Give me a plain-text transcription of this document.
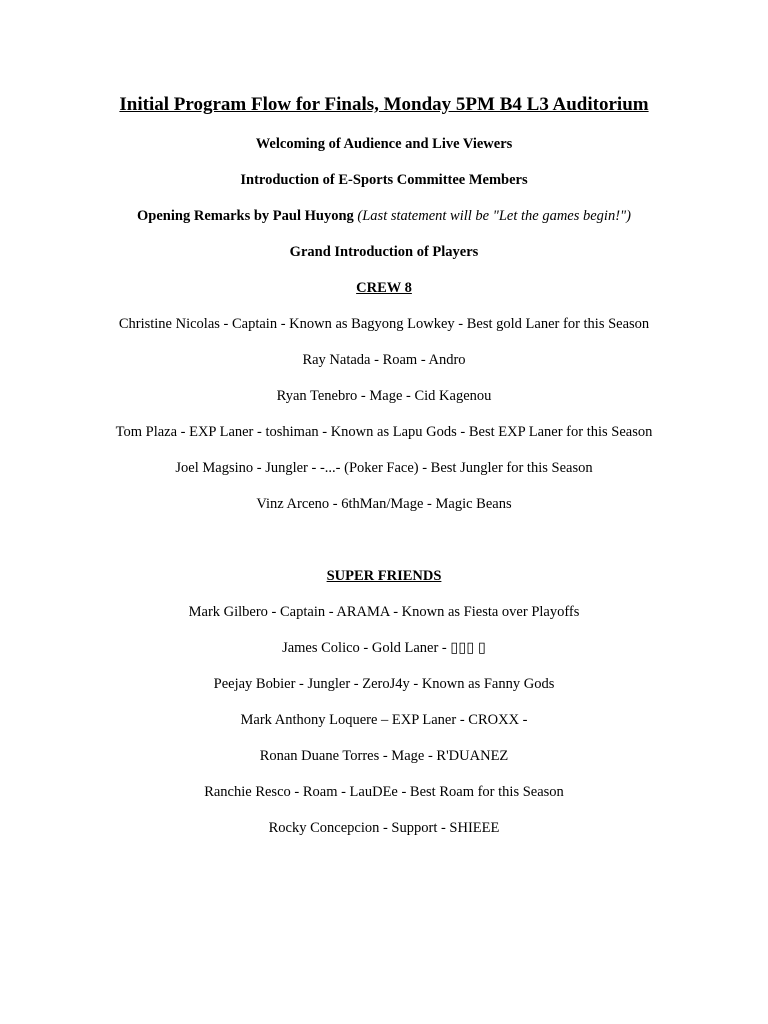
Initial Program Flow for Finals, Monday 5PM B4 L3 Auditorium
Welcoming of Audience and Live Viewers
Introduction of E-Sports Committee Members
Opening Remarks by Paul Huyong (Last statement will be "Let the games begin!")
Grand Introduction of Players
CREW 8
Christine Nicolas - Captain - Known as Bagyong Lowkey - Best gold Laner for this Season
Ray Natada - Roam - Andro
Ryan Tenebro - Mage - Cid Kagenou
Tom Plaza - EXP Laner - toshiman - Known as Lapu Gods - Best EXP Laner for this Season
Joel Magsino - Jungler - -...- (Poker Face) - Best Jungler for this Season
Vinz Arceno - 6thMan/Mage - Magic Beans
SUPER FRIENDS
Mark Gilbero - Captain - ARAMA - Known as Fiesta over Playoffs
James Colico - Gold Laner - ▯▯▯ ▯
Peejay Bobier - Jungler - ZeroJ4y - Known as Fanny Gods
Mark Anthony Loquere – EXP Laner - CROXX -
Ronan Duane Torres - Mage - R'DUANEZ
Ranchie Resco - Roam - LauDEe - Best Roam for this Season
Rocky Concepcion - Support - SHIEEE
